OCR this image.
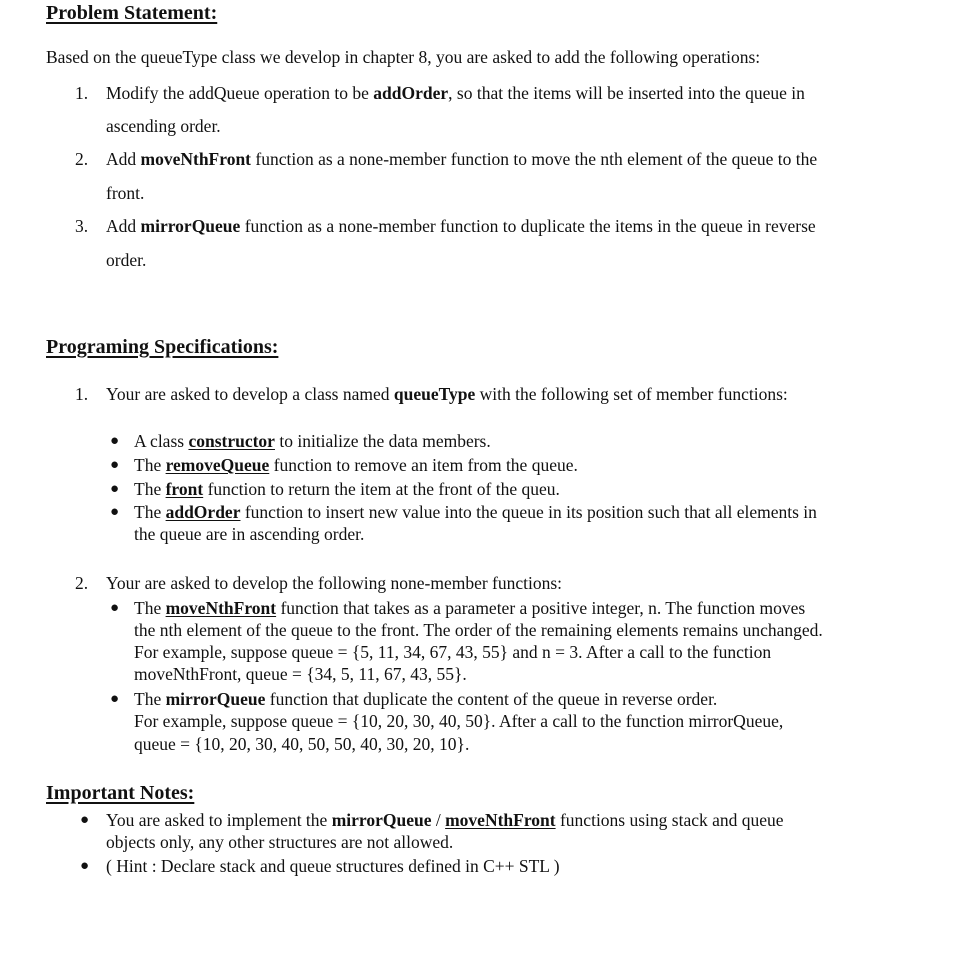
Problem Statement:
Based on the queueType class we develop in chapter 8, you are asked to add the following operations:
1. Modify the addQueue operation to be addOrder, so that the items will be inserted into the queue in
ascending order.
2. Add moveNthFront function as a none-member function to move the nth element of the queue to the
front.
3. Add mirrorQueue function as a none-member function to duplicate the items in the queue in reverse
order.
Programing Specifications:
1. Your are asked to develop a class named queueType with the following set of member functions:
● A class constructor to initialize the data members.
● The removeQueue function to remove an item from the queue.
● The front function to return the item at the front of the queu.
● The addOrder function to insert new value into the queue in its position such that all elements in
the queue are in ascending order.
2. Your are asked to develop the following none-member functions:
● The moveNthFront function that takes as a parameter a positive integer, n. The function moves
the nth element of the queue to the front. The order of the remaining elements remains unchanged.
For example, suppose queue = {5, 11, 34, 67, 43, 55} and n = 3. After a call to the function
moveNthFront, queue = {34, 5, 11, 67, 43, 55}.
● The mirrorQueue function that duplicate the content of the queue in reverse order.
For example, suppose queue = {10, 20, 30, 40, 50}. After a call to the function mirrorQueue,
queue = {10, 20, 30, 40, 50, 50, 40, 30, 20, 10}.
Important Notes:
● You are asked to implement the mirrorQueue / moveNthFront functions using stack and queue
objects only, any other structures are not allowed.
● ( Hint : Declare stack and queue structures defined in C++ STL )
